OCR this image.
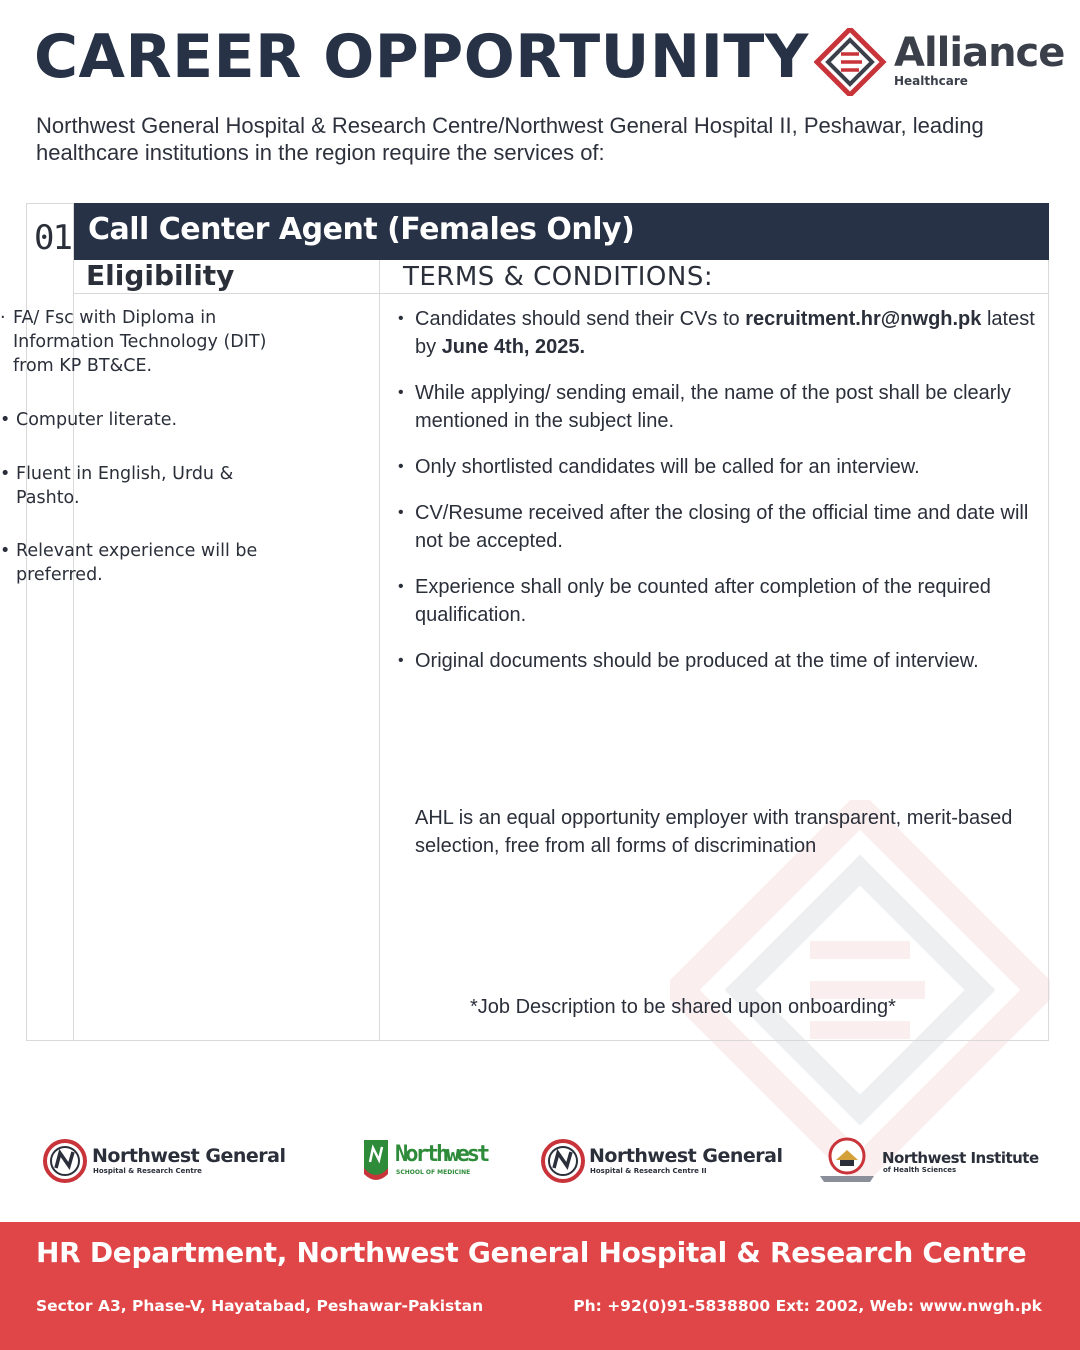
CAREER OPPORTUNITY Alliance
Healthcare
Northwest General Hospital & Research Centre/Northwest General Hospital II, Peshawar, leading healthcare institutions in the region require the services of:
01 Call Center Agent (Females Only)
Eligibility	TERMS & CONDITIONS:
· FA/ Fsc with Diploma in Information Technology (DIT) from KP BT&CE.
• Computer literate.
• Fluent in English, Urdu & Pashto.
• Relevant experience will be preferred.
• Candidates should send their CVs to recruitment.hr@nwgh.pk latest by June 4th, 2025.
• While applying/ sending email, the name of the post shall be clearly mentioned in the subject line.
• Only shortlisted candidates will be called for an interview.
• CV/Resume received after the closing of the official time and date will not be accepted.
• Experience shall only be counted after completion of the required qualification.
• Original documents should be produced at the time of interview.
AHL is an equal opportunity employer with transparent, merit-based selection, free from all forms of discrimination
*Job Description to be shared upon onboarding*
Northwest General
Hospital & Research Centre
Northwest
SCHOOL OF MEDICINE
Northwest General
Hospital & Research Centre II
Northwest Institute
of Health Sciences
HR Department, Northwest General Hospital & Research Centre
Sector A3, Phase-V, Hayatabad, Peshawar-Pakistan	Ph: +92(0)91-5838800 Ext: 2002, Web: www.nwgh.pk
